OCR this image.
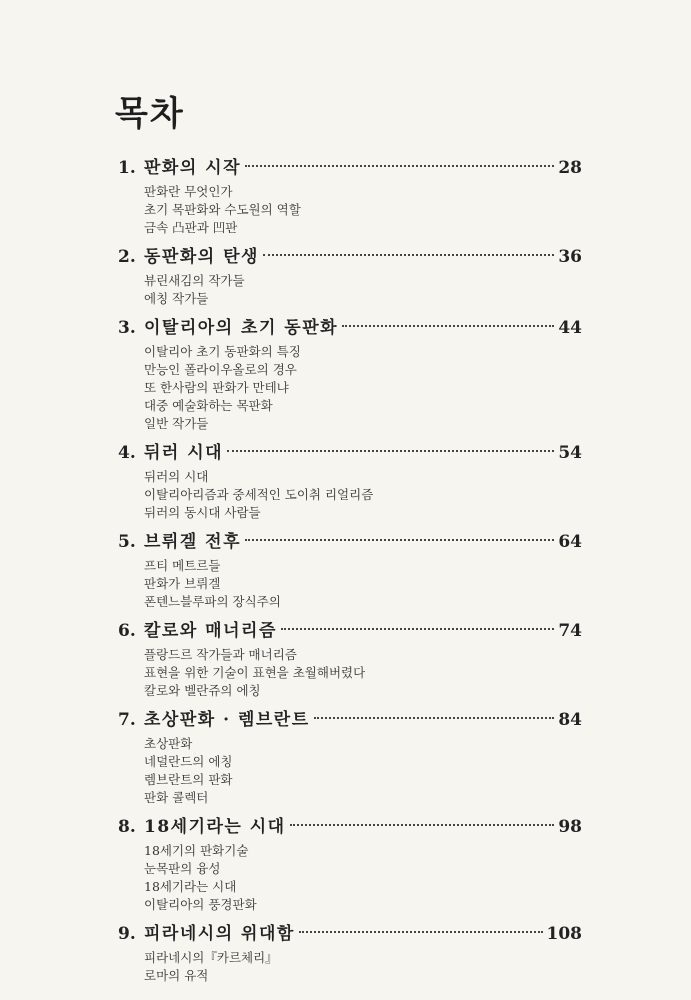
목차
1. 판화의 시작	28
판화란 무엇인가
초기 목판화와 수도원의 역할
금속 凸판과 凹판
2. 동판화의 탄생	36
뷰린새김의 작가들
에칭 작가들
3. 이탈리아의 초기 동판화	44
이탈리아 초기 동판화의 특징
만능인 폴라이우올로의 경우
또 한사람의 판화가 만테냐
대중 예술화하는 목판화
일반 작가들
4. 뒤러 시대	54
뒤러의 시대
이탈리아리즘과 중세적인 도이취 리얼리즘
뒤러의 동시대 사람들
5. 브뤼겔 전후	64
프티 메트르들
판화가 브뤼겔
폰텐느블루파의 장식주의
6. 칼로와 매너리즘	74
플랑드르 작가들과 매너리즘
표현을 위한 기술이 표현을 초월해버렸다
칼로와 벨란쥬의 에칭
7. 초상판화 · 렘브란트	84
초상판화
네덜란드의 에칭
렘브란트의 판화
판화 콜렉터
8. 18세기라는 시대	98
18세기의 판화기술
눈목판의 융성
18세기라는 시대
이탈리아의 풍경판화
9. 피라네시의 위대함	108
피라네시의『카르체리』
로마의 유적
